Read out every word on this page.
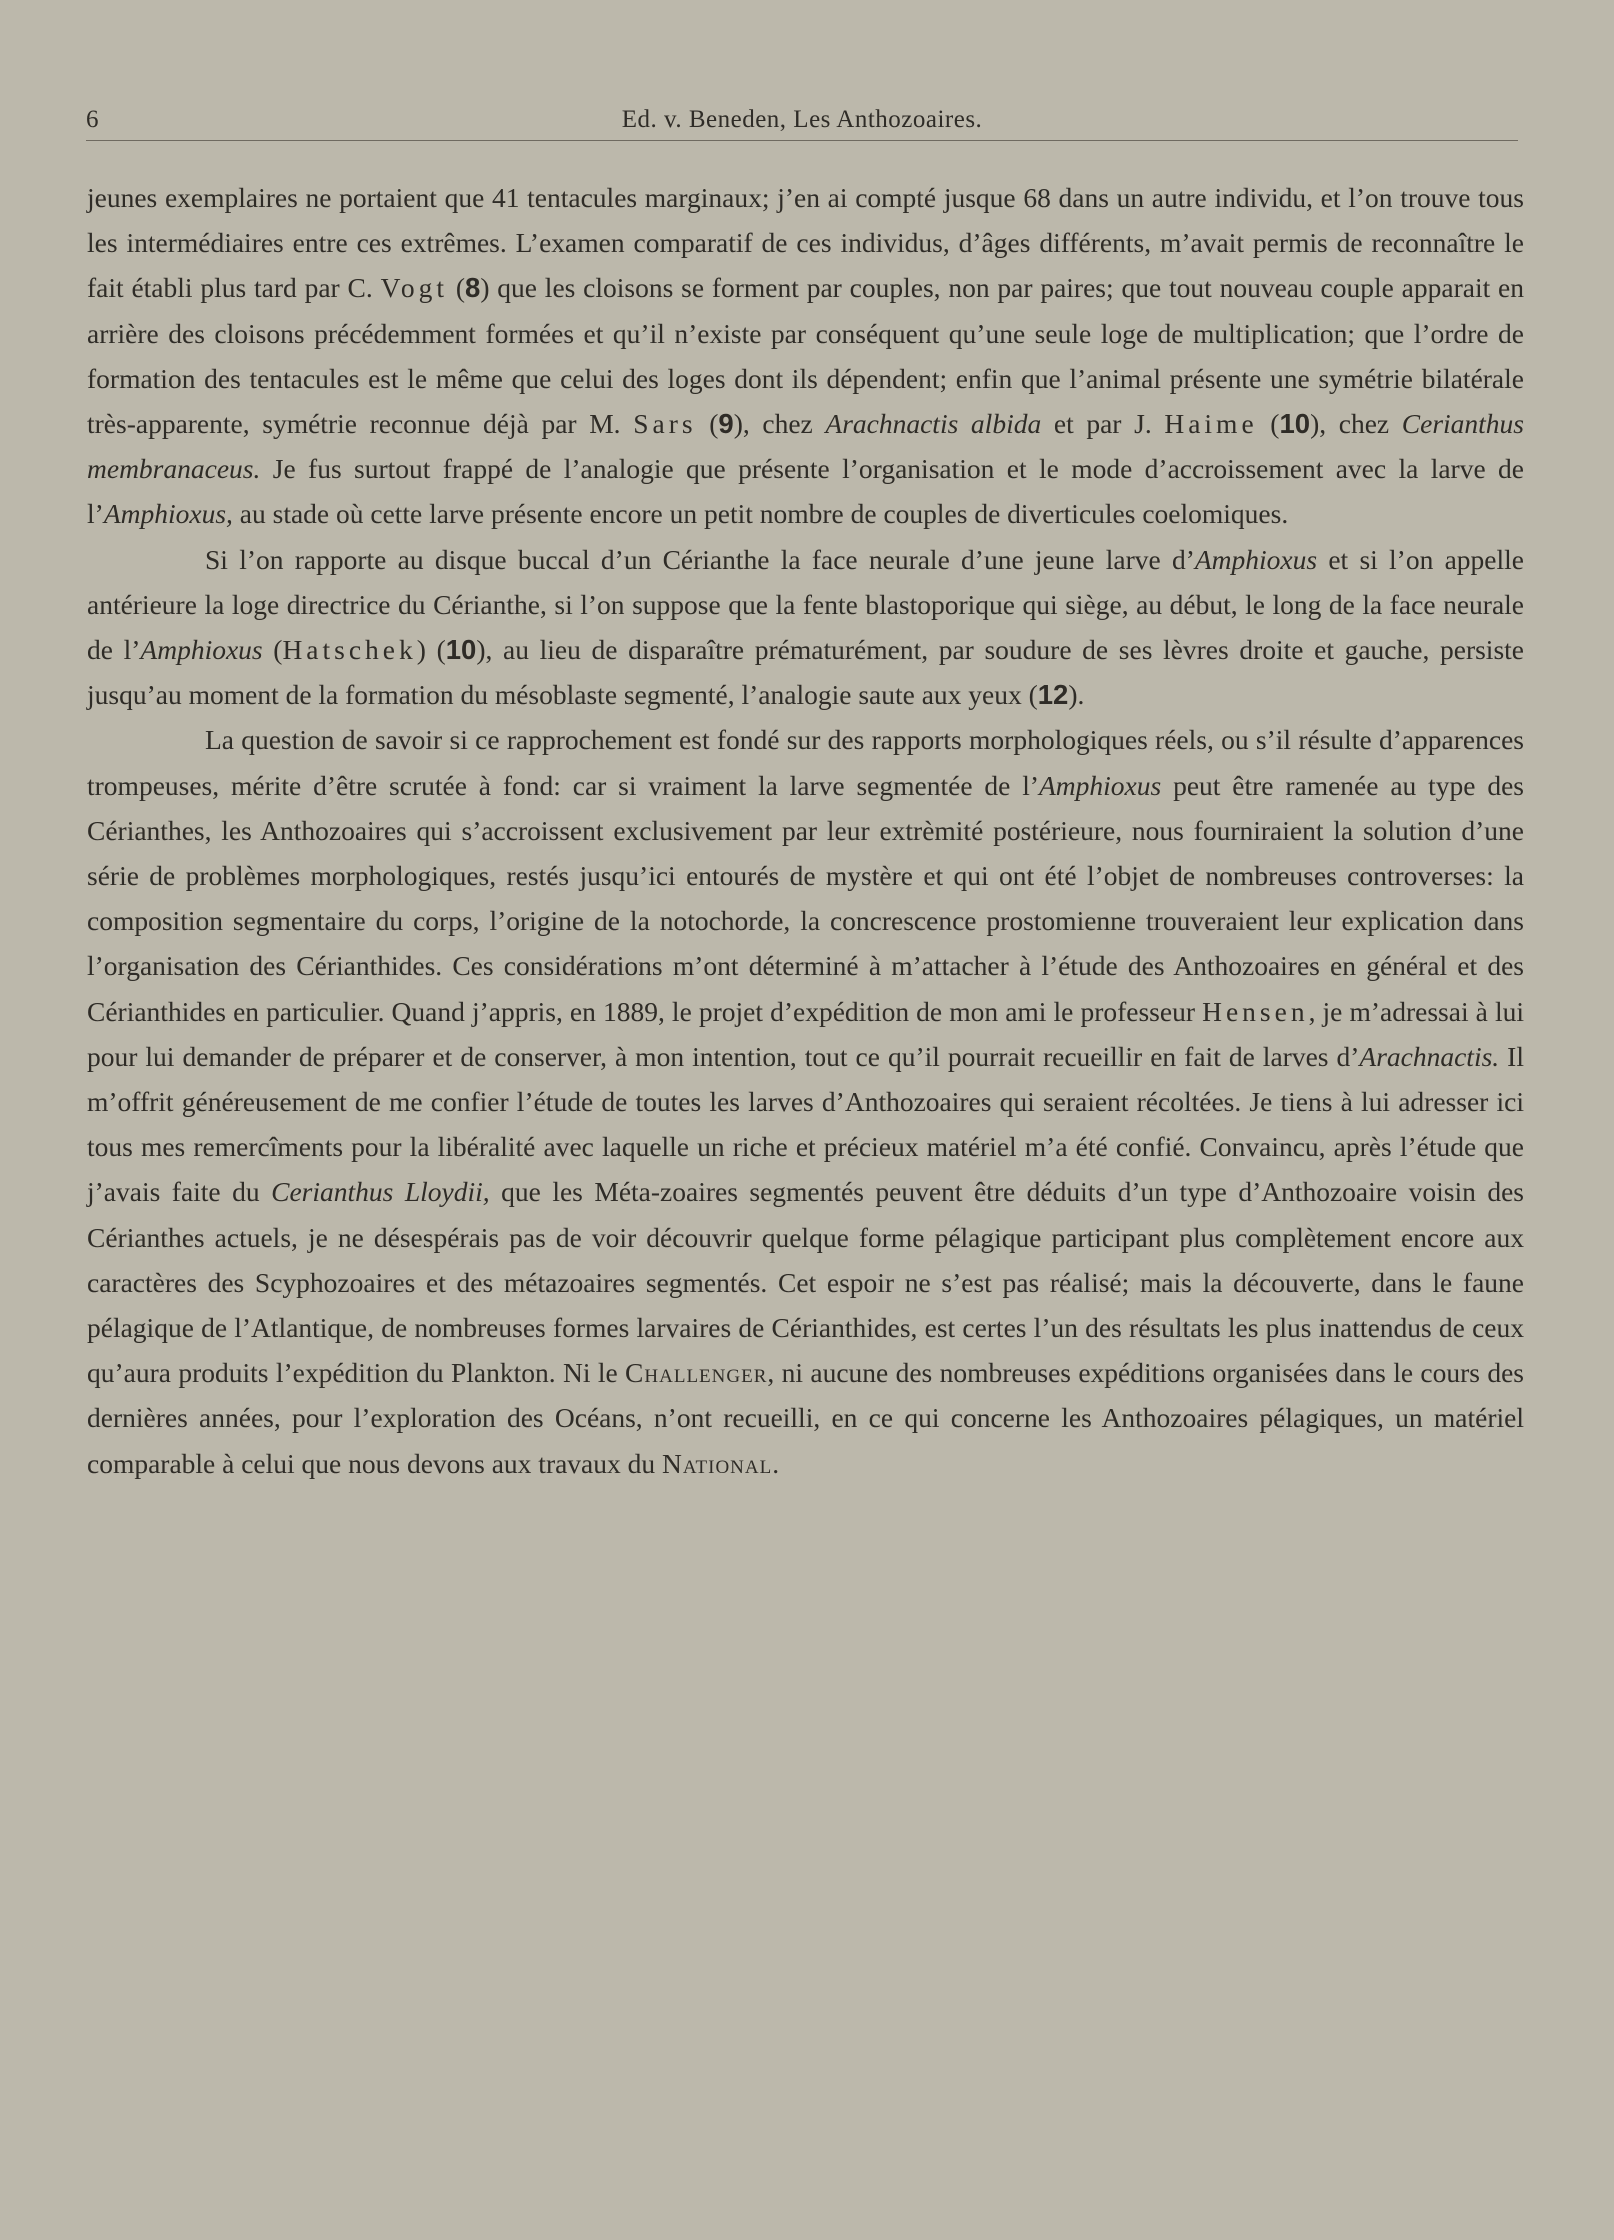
6	Ed. v. Beneden, Les Anthozoaires.

jeunes exemplaires ne portaient que 41 tentacules marginaux; j’en ai compté jusque 68 dans un autre individu, et l’on trouve tous les intermédiaires entre ces extrêmes. L’examen comparatif de ces individus, d’âges différents, m’avait permis de reconnaître le fait établi plus tard par C. Vogt (8) que les cloisons se forment par couples, non par paires; que tout nouveau couple apparait en arrière des cloisons précédemment formées et qu’il n’existe par conséquent qu’une seule loge de multiplication; que l’ordre de formation des tentacules est le même que celui des loges dont ils dépendent; enfin que l’animal présente une symétrie bilatérale très-apparente, symétrie reconnue déjà par M. Sars (9), chez Arachnactis albida et par J. Haime (10), chez Cerianthus membranaceus. Je fus surtout frappé de l’analogie que présente l’organisation et le mode d’accroissement avec la larve de l’Amphioxus, au stade où cette larve présente encore un petit nombre de couples de diverticules coelomiques.

Si l’on rapporte au disque buccal d’un Cérianthe la face neurale d’une jeune larve d’Amphioxus et si l’on appelle antérieure la loge directrice du Cérianthe, si l’on suppose que la fente blastoporique qui siège, au début, le long de la face neurale de l’Amphioxus (Hatschek) (10), au lieu de disparaître prématurément, par soudure de ses lèvres droite et gauche, persiste jusqu’au moment de la formation du mésoblaste segmenté, l’analogie saute aux yeux (12).

La question de savoir si ce rapprochement est fondé sur des rapports morphologiques réels, ou s’il résulte d’apparences trompeuses, mérite d’être scrutée à fond: car si vraiment la larve segmentée de l’Amphioxus peut être ramenée au type des Cérianthes, les Anthozoaires qui s’accroissent exclusivement par leur extrèmité postérieure, nous fourniraient la solution d’une série de problèmes morphologiques, restés jusqu’ici entourés de mystère et qui ont été l’objet de nombreuses controverses: la composition segmentaire du corps, l’origine de la notochorde, la concrescence prostomienne trouveraient leur explication dans l’organisation des Cérianthides. Ces considérations m’ont déterminé à m’attacher à l’étude des Anthozoaires en général et des Cérianthides en particulier. Quand j’appris, en 1889, le projet d’expédition de mon ami le professeur Hensen, je m’adressai à lui pour lui demander de préparer et de conserver, à mon intention, tout ce qu’il pourrait recueillir en fait de larves d’Arachnactis. Il m’offrit généreusement de me confier l’étude de toutes les larves d’Anthozoaires qui seraient récoltées. Je tiens à lui adresser ici tous mes remercîments pour la libéralité avec laquelle un riche et précieux matériel m’a été confié. Convaincu, après l’étude que j’avais faite du Cerianthus Lloydii, que les Méta-zoaires segmentés peuvent être déduits d’un type d’Anthozoaire voisin des Cérianthes actuels, je ne désespérais pas de voir découvrir quelque forme pélagique participant plus complètement encore aux caractères des Scyphozoaires et des métazoaires segmentés. Cet espoir ne s’est pas réalisé; mais la découverte, dans le faune pélagique de l’Atlantique, de nombreuses formes larvaires de Cérianthides, est certes l’un des résultats les plus inattendus de ceux qu’aura produits l’expédition du Plankton. Ni le Challenger, ni aucune des nombreuses expéditions organisées dans le cours des dernières années, pour l’exploration des Océans, n’ont recueilli, en ce qui concerne les Anthozoaires pélagiques, un matériel comparable à celui que nous devons aux travaux du National.
